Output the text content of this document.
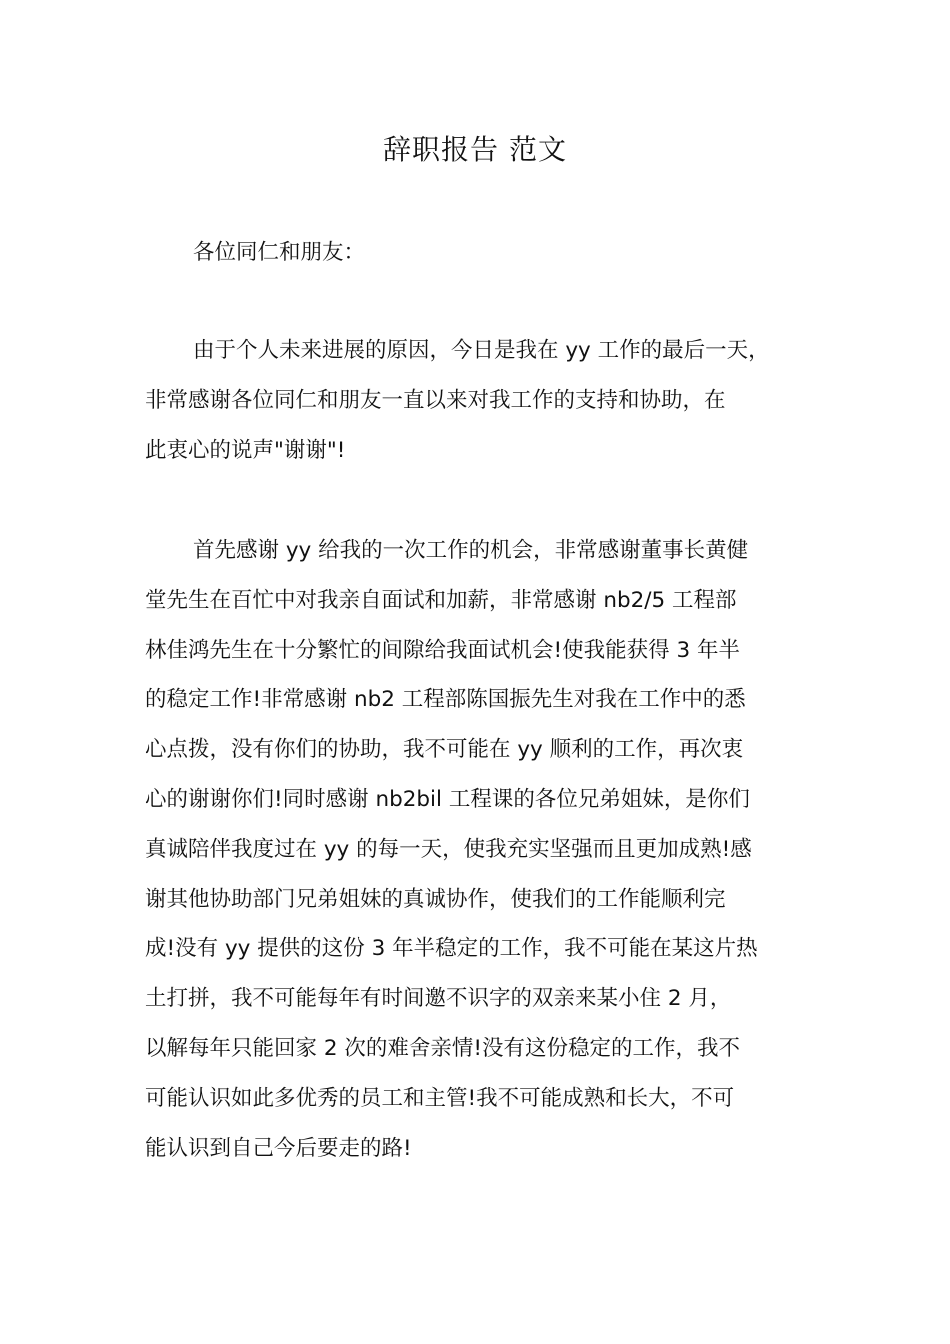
辞职报告 范文

各位同仁和朋友：

由于个人未来进展的原因，今日是我在 yy 工作的最后一天，
非常感谢各位同仁和朋友一直以来对我工作的支持和协助，在
此衷心的说声"谢谢"!
首先感谢 yy 给我的一次工作的机会，非常感谢董事长黄健
堂先生在百忙中对我亲自面试和加薪，非常感谢 nb2/5 工程部
林佳鸿先生在十分繁忙的间隙给我面试机会!使我能获得 3 年半
的稳定工作!非常感谢 nb2 工程部陈国振先生对我在工作中的悉
心点拨，没有你们的协助，我不可能在 yy 顺利的工作，再次衷
心的谢谢你们!同时感谢 nb2bil 工程课的各位兄弟姐妹，是你们
真诚陪伴我度过在 yy 的每一天，使我充实坚强而且更加成熟!感
谢其他协助部门兄弟姐妹的真诚协作，使我们的工作能顺利完
成!没有 yy 提供的这份 3 年半稳定的工作，我不可能在某这片热
土打拼，我不可能每年有时间邀不识字的双亲来某小住 2 月，
以解每年只能回家 2 次的难舍亲情!没有这份稳定的工作，我不
可能认识如此多优秀的员工和主管!我不可能成熟和长大，不可
能认识到自己今后要走的路!
